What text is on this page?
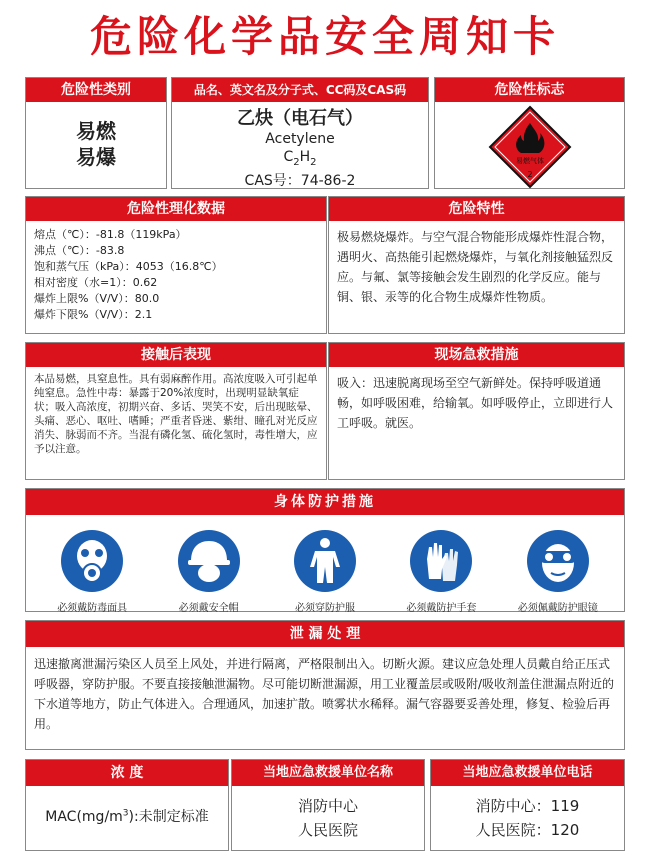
危险化学品安全周知卡
危险性类别
易燃
易爆
品名、英文名及分子式、CC码及CAS码
乙炔（电石气）
Acetylene
$C_2H_2$
CAS号：74-86-2
危险性标志
易燃气体
2
危险性理化数据
熔点（℃）：-81.8（119kPa）
沸点（℃）：-83.8
饱和蒸气压（kPa）：4053（16.8℃）
相对密度（水=1）：0.62
爆炸上限%（V/V）：80.0
爆炸下限%（V/V）：2.1
危险特性
极易燃烧爆炸。与空气混合物能形成爆炸性混合物，遇明火、高热能引起燃烧爆炸，与氧化剂接触猛烈反应。与氟、氯等接触会发生剧烈的化学反应。能与铜、银、汞等的化合物生成爆炸性物质。
接触后表现
本品易燃，具窒息性。具有弱麻醉作用。高浓度吸入可引起单纯窒息。急性中毒：暴露于20%浓度时，出现明显缺氧症状；吸入高浓度，初期兴奋、多话、哭笑不安，后出现眩晕、头痛、恶心、呕吐、嗜睡；严重者昏迷、紫绀、瞳孔对光反应消失、脉弱而不齐。当混有磷化氢、硫化氢时，毒性增大，应予以注意。
现场急救措施
吸入：迅速脱离现场至空气新鲜处。保持呼吸道通畅，如呼吸困难，给输氧。如呼吸停止，立即进行人工呼吸。就医。
身体防护措施
必须戴防毒面具	必须戴安全帽	必须穿防护服	必须戴防护手套	必须佩戴防护眼镜
泄 漏 处 理
迅速撤离泄漏污染区人员至上风处，并进行隔离，严格限制出入。切断火源。建议应急处理人员戴自给正压式呼吸器，穿防护服。不要直接接触泄漏物。尽可能切断泄漏源，用工业覆盖层或吸附/吸收剂盖住泄漏点附近的下水道等地方，防止气体进入。合理通风，加速扩散。喷雾状水稀释。漏气容器要妥善处理，修复、检验后再用。
浓 度
$MAC(mg/m^3)$:未制定标准
当地应急救援单位名称
消防中心
人民医院
当地应急救援单位电话
消防中心：119
人民医院：120
